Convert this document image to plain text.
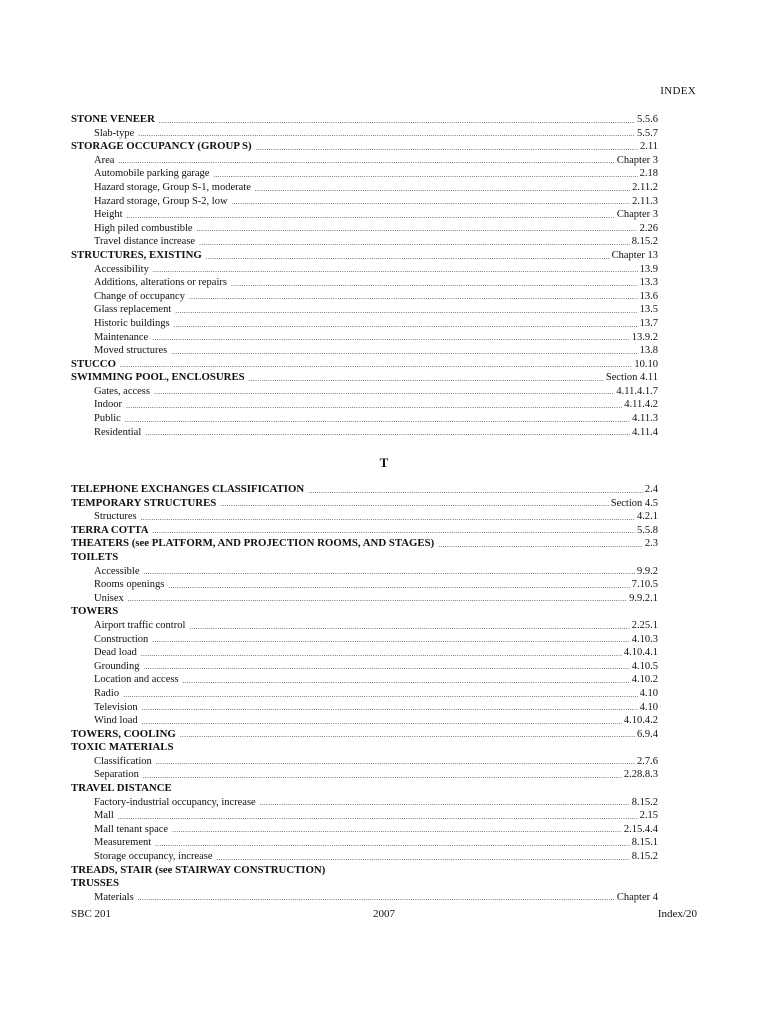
INDEX
STONE VENEER .....	5.5.6
Slab-type .....	5.5.7
STORAGE OCCUPANCY (GROUP S) .....	2.11
Area .....	Chapter 3
Automobile parking garage .....	2.18
Hazard storage, Group S-1, moderate .....	2.11.2
Hazard storage, Group S-2, low .....	2.11.3
Height .....	Chapter 3
High piled combustible .....	2.26
Travel distance increase .....	8.15.2
STRUCTURES, EXISTING .....	Chapter 13
Accessibility .....	13.9
Additions, alterations or repairs .....	13.3
Change of occupancy .....	13.6
Glass replacement .....	13.5
Historic buildings .....	13.7
Maintenance .....	13.9.2
Moved structures .....	13.8
STUCCO .....	10.10
SWIMMING POOL, ENCLOSURES .....	Section 4.11
Gates, access .....	4.11.4.1.7
Indoor .....	4.11.4.2
Public .....	4.11.3
Residential .....	4.11.4
T
TELEPHONE EXCHANGES CLASSIFICATION .....	2.4
TEMPORARY STRUCTURES .....	Section 4.5
Structures .....	4.2.1
TERRA COTTA .....	5.5.8
THEATERS (see PLATFORM, AND PROJECTION ROOMS, AND STAGES) .....	2.3
TOILETS
Accessible .....	9.9.2
Rooms openings .....	7.10.5
Unisex .....	9.9.2.1
TOWERS
Airport traffic control .....	2.25.1
Construction .....	4.10.3
Dead load .....	4.10.4.1
Grounding .....	4.10.5
Location and access .....	4.10.2
Radio .....	4.10
Television .....	4.10
Wind load .....	4.10.4.2
TOWERS, COOLING .....	6.9.4
TOXIC MATERIALS
Classification .....	2.7.6
Separation .....	2.28.8.3
TRAVEL DISTANCE
Factory-industrial occupancy, increase .....	8.15.2
Mall .....	2.15
Mall tenant space .....	2.15.4.4
Measurement .....	8.15.1
Storage occupancy, increase .....	8.15.2
TREADS, STAIR (see STAIRWAY CONSTRUCTION)
TRUSSES
Materials .....	Chapter 4
SBC 201	2007	Index/20
